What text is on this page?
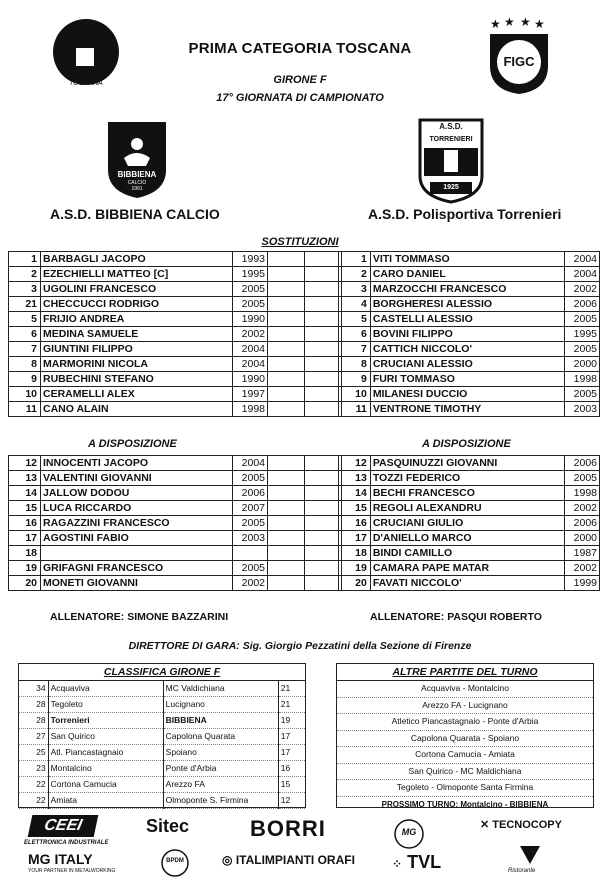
TOSCANA
★ ★ ★ ★
FIGC
PRIMA CATEGORIA TOSCANA
GIRONE F
17° GIORNATA DI CAMPIONATO
BIBBIENA
CALCIO
1991
A.S.D.
TORRENIERI
1925
A.S.D. BIBBIENA CALCIO	A.S.D. Polisportiva Torrenieri
SOSTITUZIONI
1	BARBAGLI JACOPO	1993		
2	EZECHIELLI MATTEO [C]	1995		
3	UGOLINI FRANCESCO	2005		
21	CHECCUCCI RODRIGO	2005		
5	FRIJIO ANDREA	1990		
6	MEDINA SAMUELE	2002		
7	GIUNTINI FILIPPO	2004		
8	MARMORINI NICOLA	2004		
9	RUBECHINI STEFANO	1990		
10	CERAMELLI ALEX	1997		
11	CANO ALAIN	1998		
1	VITI TOMMASO	2004
2	CARO DANIEL	2004
3	MARZOCCHI FRANCESCO	2002
4	BORGHERESI ALESSIO	2006
5	CASTELLI ALESSIO	2005
6	BOVINI FILIPPO	1995
7	CATTICH NICCOLO'	2005
8	CRUCIANI ALESSIO	2000
9	FURI TOMMASO	1998
10	MILANESI DUCCIO	2005
11	VENTRONE TIMOTHY	2003
A DISPOSIZIONE	A DISPOSIZIONE
12	INNOCENTI JACOPO	2004		
13	VALENTINI GIOVANNI	2005		
14	JALLOW DODOU	2006		
15	LUCA RICCARDO	2007		
16	RAGAZZINI FRANCESCO	2005		
17	AGOSTINI FABIO	2003		
18				
19	GRIFAGNI FRANCESCO	2005		
20	MONETI GIOVANNI	2002		
12	PASQUINUZZI GIOVANNI	2006
13	TOZZI FEDERICO	2005
14	BECHI FRANCESCO	1998
15	REGOLI ALEXANDRU	2002
16	CRUCIANI GIULIO	2006
17	D'ANIELLO MARCO	2000
18	BINDI CAMILLO	1987
19	CAMARA PAPE MATAR	2002
20	FAVATI NICCOLO'	1999
ALLENATORE: SIMONE BAZZARINI	ALLENATORE: PASQUI ROBERTO
DIRETTORE DI GARA: Sig. Giorgio Pezzatini della Sezione di Firenze
CLASSIFICA GIRONE F
34	Acquaviva	MC Valdichiana	21
28	Tegoleto	Lucignano	21
28	Torrenieri	BIBBIENA	19
27	San Quirico	Capolona Quarata	17
25	Atl. Piancastagnaio	Spoiano	17
23	Montalcino	Ponte d'Arbia	16
22	Cortona Camucia	Arezzo FA	15
22	Amiata	Olmoponte S. Firmina	12
ALTRE PARTITE DEL TURNO
Acquaviva - Montalcino
Arezzo FA - Lucignano
Atletico Piancastagnaio - Ponte d'Arbia
Capolona Quarata - Spoiano
Cortona Camucia - Amiata
San Quirico - MC Maldichiana
Tegoleto - Olmoponte Santa Firmina
PROSSIMO TURNO: Montalcino - BIBBIENA
CEEI
ELETTRONICA INDUSTRIALE
Sitec	BORRI	MG
✕ TECNOCOPY
MG ITALY
YOUR PARTNER IN METALWORKING
BPDM	◎ ITALIMPIANTI ORAFI	⁘ TVL	Ristorante
